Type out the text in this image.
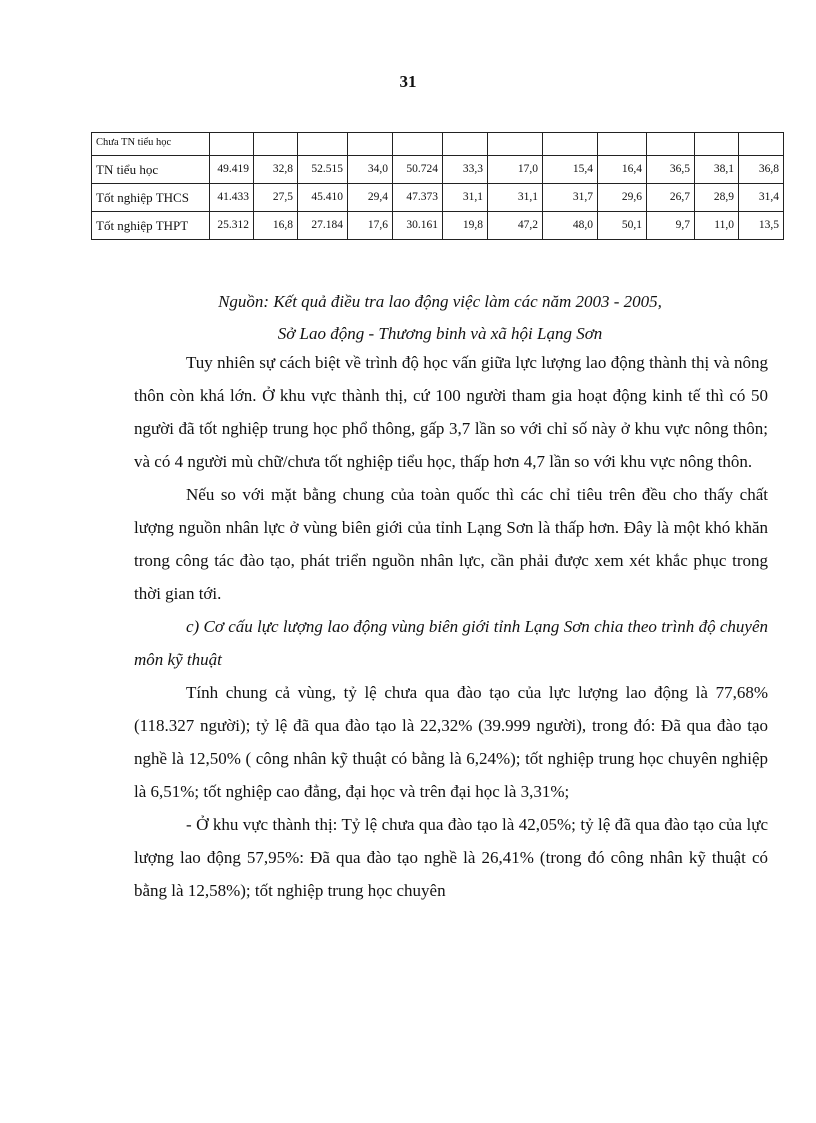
31
Chưa TN tiểu học												
TN tiểu học	49.419	32,8	52.515	34,0	50.724	33,3	17,0	15,4	16,4	36,5	38,1	36,8
Tốt nghiệp THCS	41.433	27,5	45.410	29,4	47.373	31,1	31,1	31,7	29,6	26,7	28,9	31,4
Tốt nghiệp THPT	25.312	16,8	27.184	17,6	30.161	19,8	47,2	48,0	50,1	9,7	11,0	13,5
Nguồn: Kết quả điều tra lao động việc làm các năm 2003 - 2005,
Sở Lao động - Thương binh và xã hội Lạng Sơn

Tuy nhiên sự cách biệt về trình độ học vấn giữa lực lượng lao động thành thị và nông thôn còn khá lớn. Ở khu vực thành thị, cứ 100 người tham gia hoạt động kinh tế thì có 50 người đã tốt nghiệp trung học phổ thông, gấp 3,7 lần so với chỉ số này ở khu vực nông thôn; và có 4 người mù chữ/chưa tốt nghiệp tiểu học, thấp hơn 4,7 lần so với khu vực nông thôn.

Nếu so với mặt bằng chung của toàn quốc thì các chỉ tiêu trên đều cho thấy chất lượng nguồn nhân lực ở vùng biên giới của tỉnh Lạng Sơn là thấp hơn. Đây là một khó khăn trong công tác đào tạo, phát triển nguồn nhân lực, cần phải được xem xét khắc phục trong thời gian tới.

c) Cơ cấu lực lượng lao động vùng biên giới tỉnh Lạng Sơn chia theo trình độ chuyên môn kỹ thuật

Tính chung cả vùng, tỷ lệ chưa qua đào tạo của lực lượng lao động là 77,68% (118.327 người); tỷ lệ đã qua đào tạo là 22,32% (39.999 người), trong đó: Đã qua đào tạo nghề là 12,50% ( công nhân kỹ thuật có bằng là 6,24%); tốt nghiệp trung học chuyên nghiệp là 6,51%; tốt nghiệp cao đẳng, đại học và trên đại học là 3,31%;

- Ở khu vực thành thị: Tỷ lệ chưa qua đào tạo là 42,05%; tỷ lệ đã qua đào tạo của lực lượng lao động 57,95%: Đã qua đào tạo nghề là 26,41% (trong đó công nhân kỹ thuật có bằng là 12,58%); tốt nghiệp trung học chuyên
